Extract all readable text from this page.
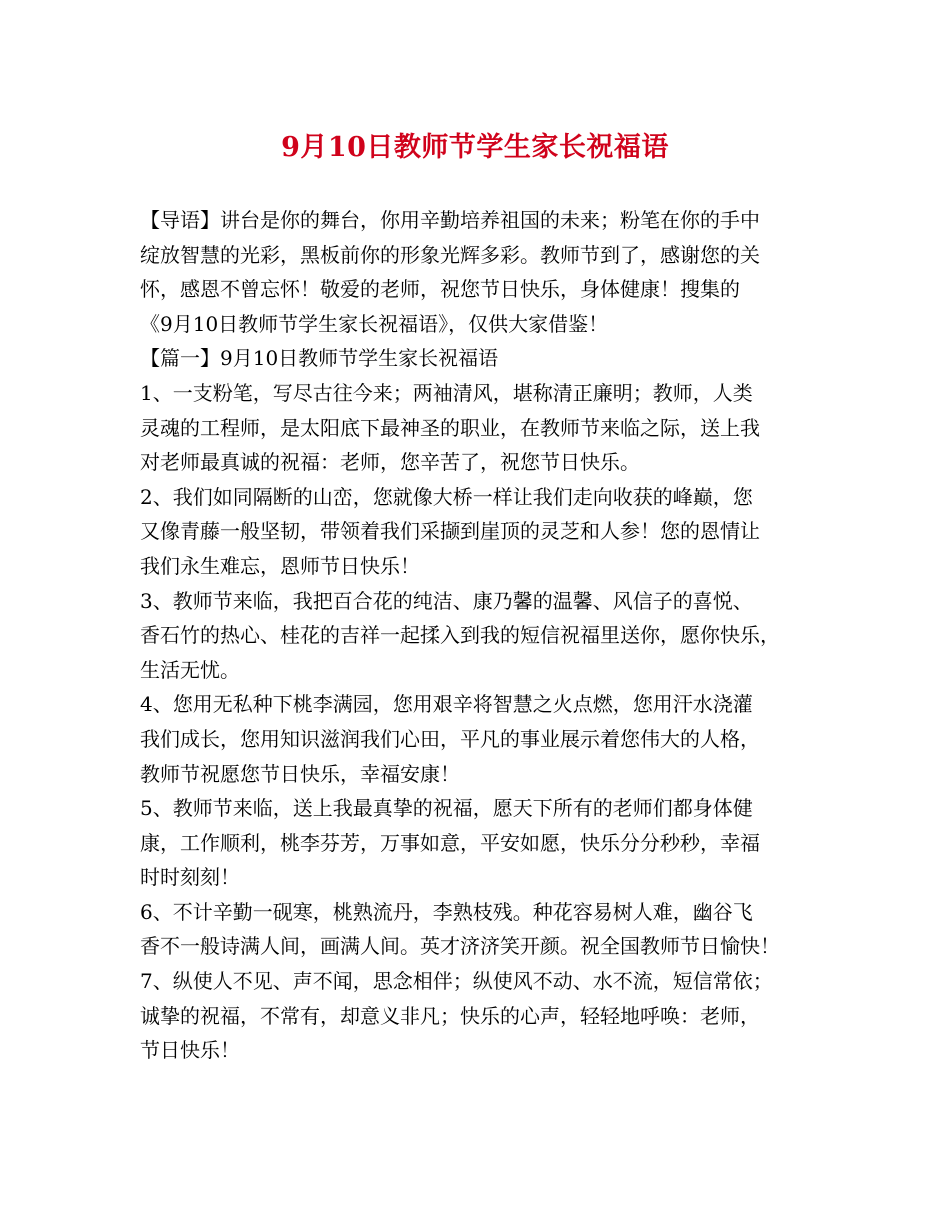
9月10日教师节学生家长祝福语
【导语】讲台是你的舞台，你用辛勤培养祖国的未来；粉笔在你的手中
绽放智慧的光彩，黑板前你的形象光辉多彩。教师节到了，感谢您的关
怀，感恩不曾忘怀！敬爱的老师，祝您节日快乐，身体健康！搜集的
《9月10日教师节学生家长祝福语》，仅供大家借鉴！
【篇一】9月10日教师节学生家长祝福语
1、一支粉笔，写尽古往今来；两袖清风，堪称清正廉明；教师，人类
灵魂的工程师，是太阳底下最神圣的职业，在教师节来临之际，送上我
对老师最真诚的祝福：老师，您辛苦了，祝您节日快乐。
2、我们如同隔断的山峦，您就像大桥一样让我们走向收获的峰巅，您
又像青藤一般坚韧，带领着我们采撷到崖顶的灵芝和人参！您的恩情让
我们永生难忘，恩师节日快乐！
3、教师节来临，我把百合花的纯洁、康乃馨的温馨、风信子的喜悦、
香石竹的热心、桂花的吉祥一起揉入到我的短信祝福里送你，愿你快乐，
生活无忧。
4、您用无私种下桃李满园，您用艰辛将智慧之火点燃，您用汗水浇灌
我们成长，您用知识滋润我们心田，平凡的事业展示着您伟大的人格，
教师节祝愿您节日快乐，幸福安康！
5、教师节来临，送上我最真挚的祝福，愿天下所有的老师们都身体健
康，工作顺利，桃李芬芳，万事如意，平安如愿，快乐分分秒秒，幸福
时时刻刻！
6、不计辛勤一砚寒，桃熟流丹，李熟枝残。种花容易树人难，幽谷飞
香不一般诗满人间，画满人间。英才济济笑开颜。祝全国教师节日愉快！
7、纵使人不见、声不闻，思念相伴；纵使风不动、水不流，短信常依；
诚挚的祝福，不常有，却意义非凡；快乐的心声，轻轻地呼唤：老师，
节日快乐！
